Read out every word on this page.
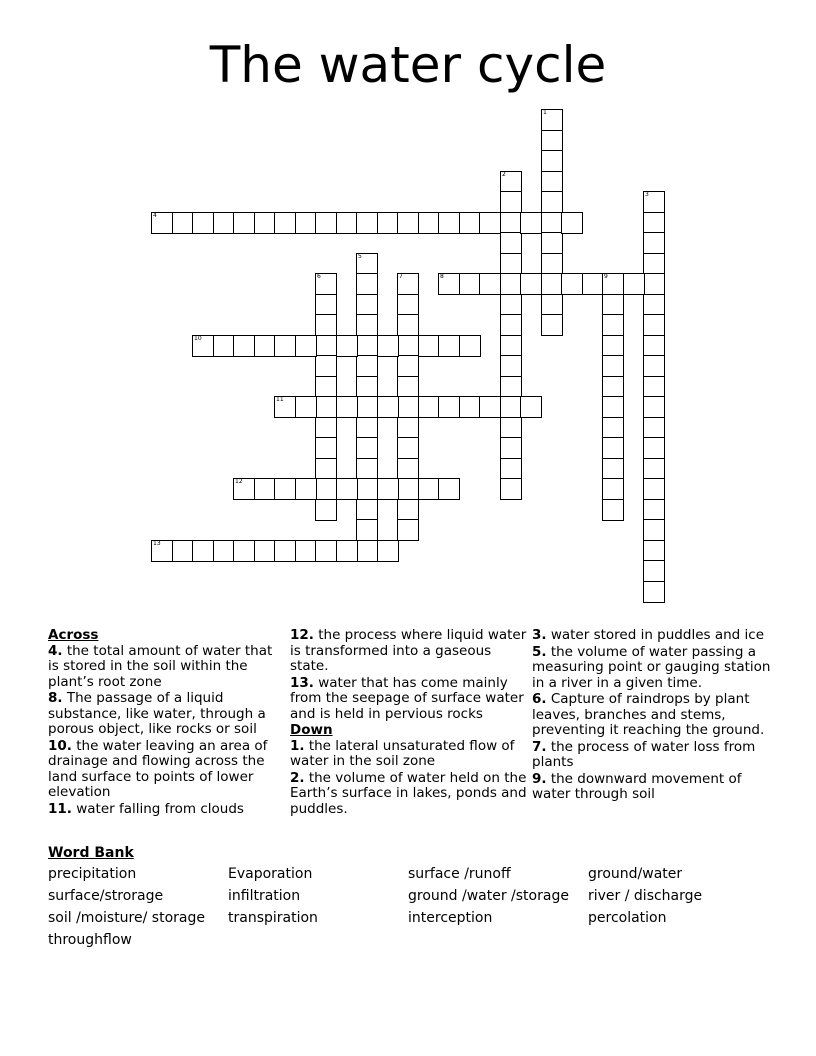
The water cycle
1
2
3
4
5
6	7	8	9
10
11
12
13

Across

4. the total amount of water that is stored in the soil within the plant’s root zone

8. The passage of a liquid substance, like water, through a porous object, like rocks or soil

10. the water leaving an area of drainage and flowing across the land surface to points of lower elevation

11. water falling from clouds

12. the process where liquid water is transformed into a gaseous state.

13. water that has come mainly from the seepage of surface water and is held in pervious rocks

Down

1. the lateral unsaturated flow of water in the soil zone

2. the volume of water held on the Earth’s surface in lakes, ponds and puddles.

3. water stored in puddles and ice

5. the volume of water passing a measuring point or gauging station in a river in a given time.

6. Capture of raindrops by plant leaves, branches and stems, preventing it reaching the ground.

7. the process of water loss from plants

9. the downward movement of water through soil

Word Bank

precipitation	Evaporation	surface /runoff	ground/water
surface/strorage	infiltration	ground /water /storage	river / discharge
soil /moisture/ storage	transpiration	interception	percolation
throughflow
